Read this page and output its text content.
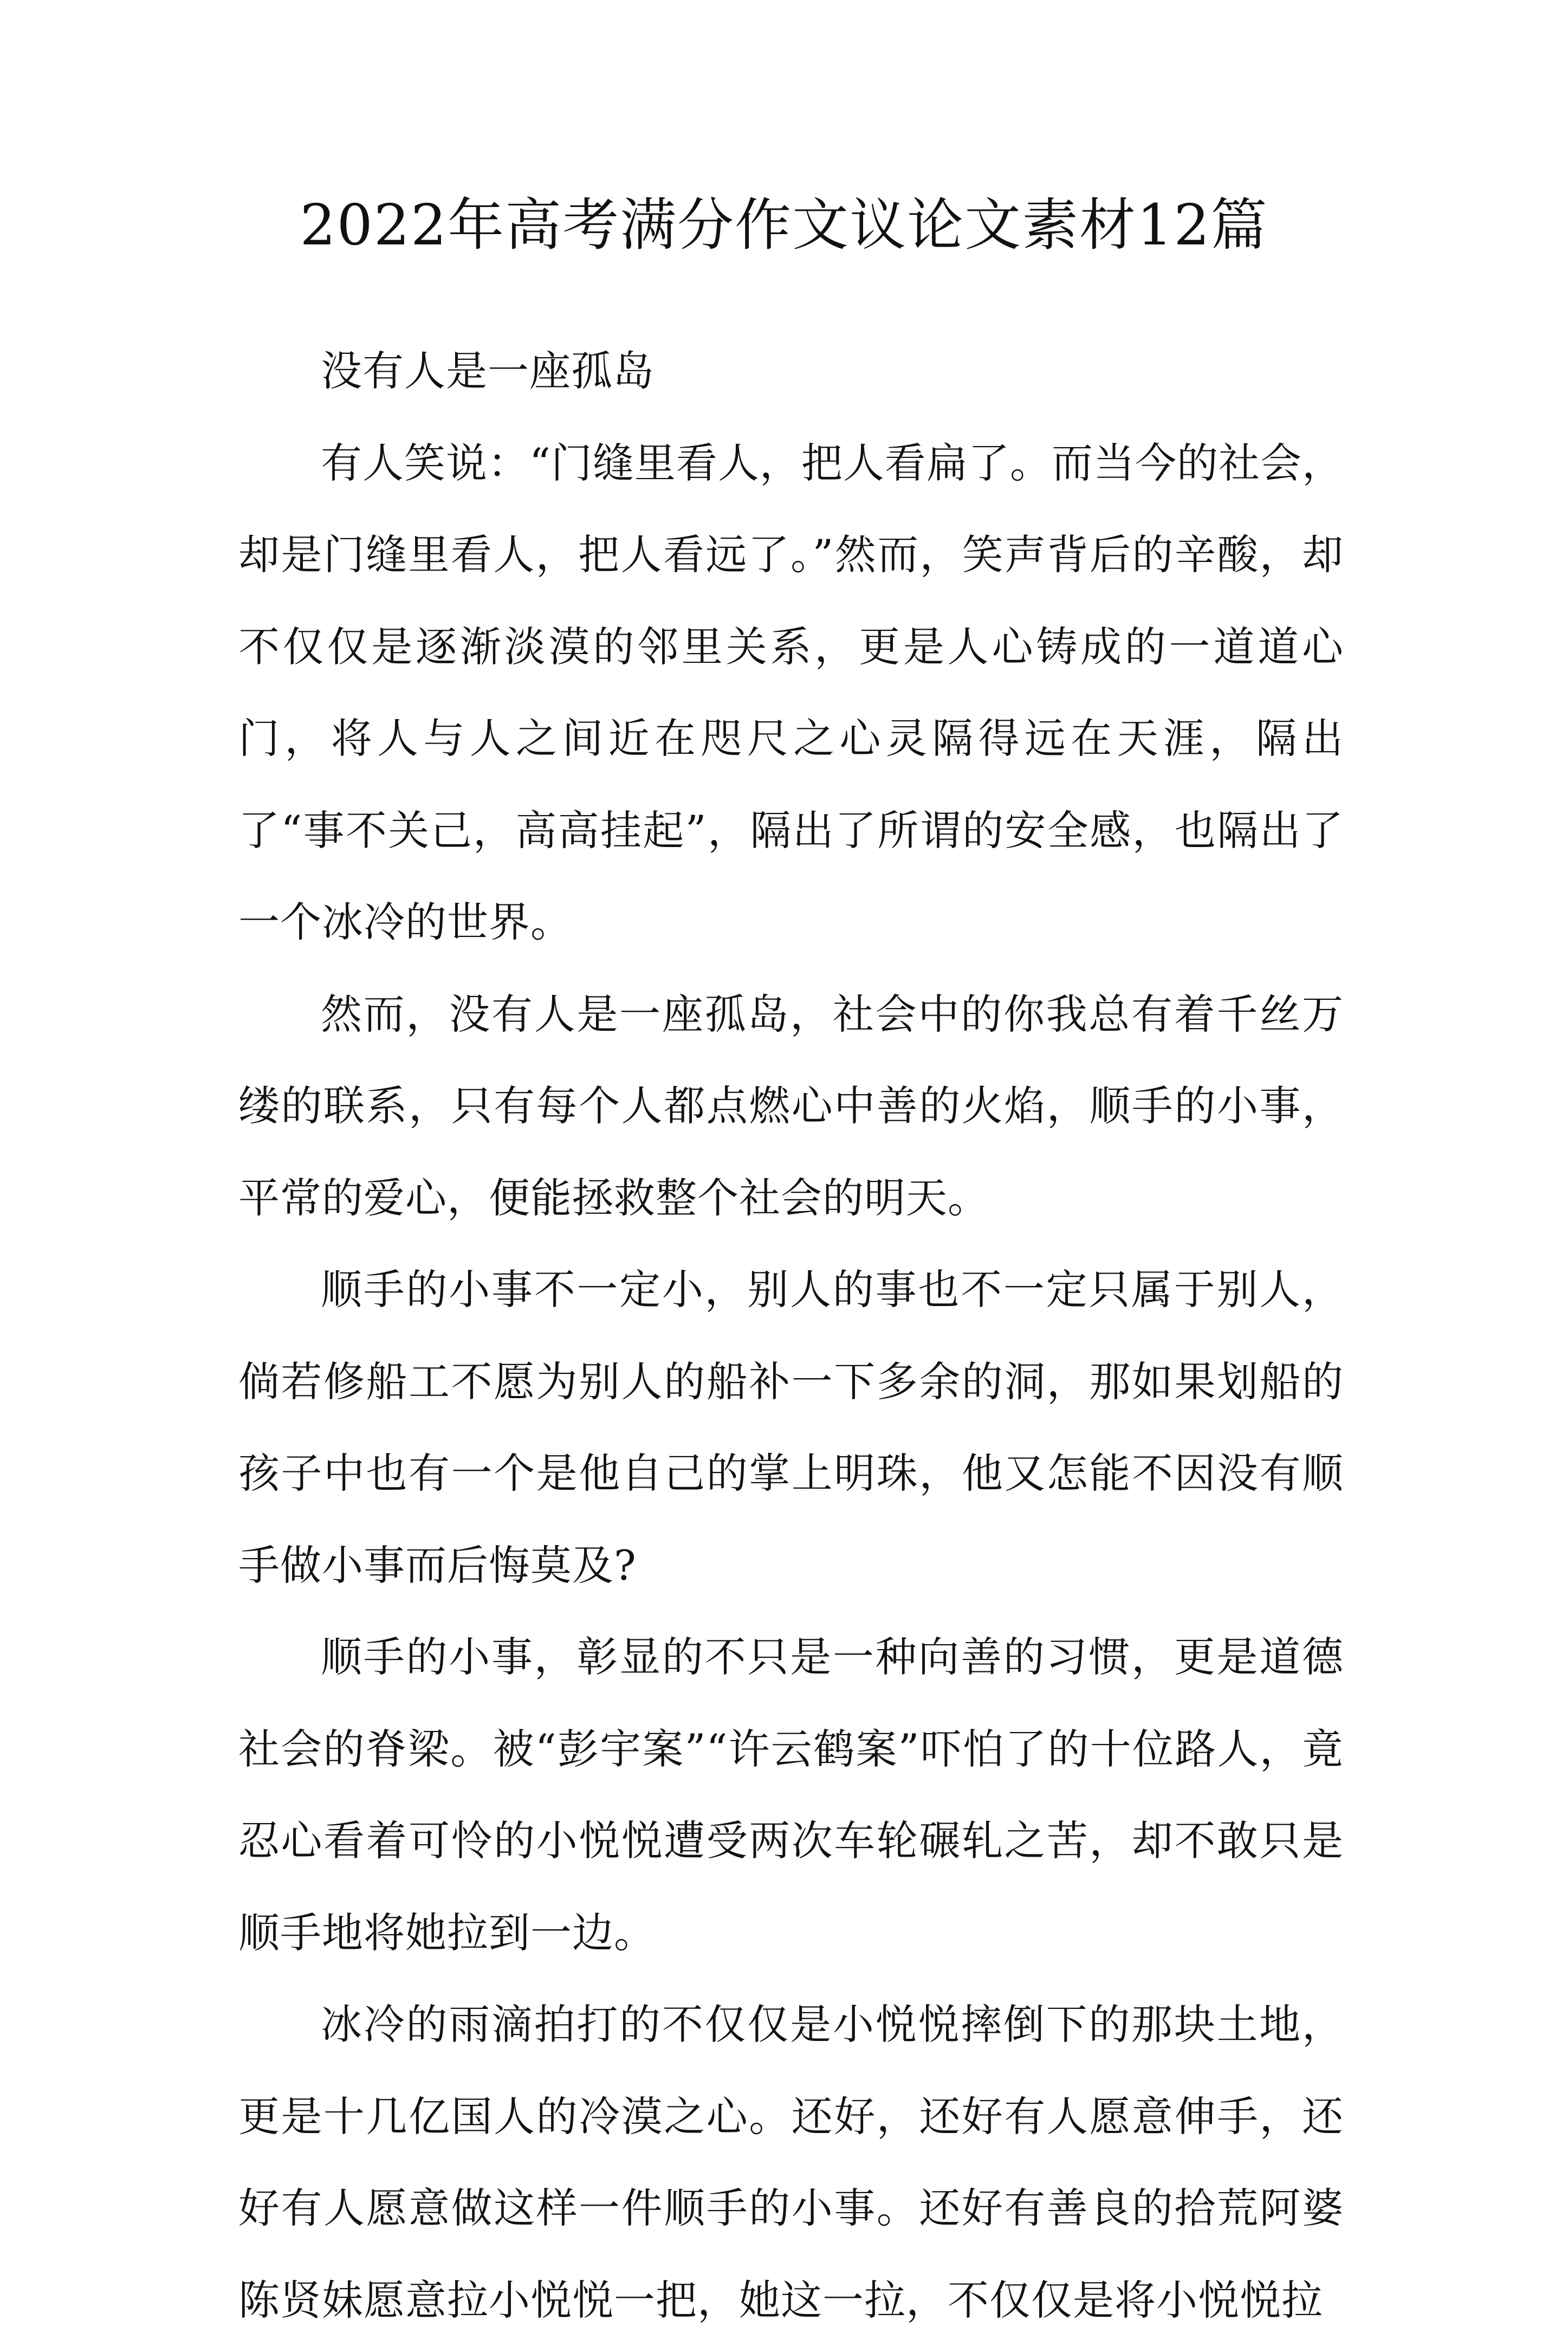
2022年高考满分作文议论文素材12篇

没有人是一座孤岛

有人笑说：“门缝里看人，把人看扁了。而当今的社会，却是门缝里看人，把人看远了。”然而，笑声背后的辛酸，却不仅仅是逐渐淡漠的邻里关系，更是人心铸成的一道道心门，将人与人之间近在咫尺之心灵隔得远在天涯，隔出了“事不关己，高高挂起”，隔出了所谓的安全感，也隔出了一个冰冷的世界。

然而，没有人是一座孤岛，社会中的你我总有着千丝万缕的联系，只有每个人都点燃心中善的火焰，顺手的小事，平常的爱心，便能拯救整个社会的明天。

顺手的小事不一定小，别人的事也不一定只属于别人，倘若修船工不愿为别人的船补一下多余的洞，那如果划船的孩子中也有一个是他自己的掌上明珠，他又怎能不因没有顺手做小事而后悔莫及?

顺手的小事，彰显的不只是一种向善的习惯，更是道德社会的脊梁。被“彭宇案”“许云鹤案”吓怕了的十位路人，竟忍心看着可怜的小悦悦遭受两次车轮碾轧之苦，却不敢只是顺手地将她拉到一边。

冰冷的雨滴拍打的不仅仅是小悦悦摔倒下的那块土地，更是十几亿国人的冷漠之心。还好，还好有人愿意伸手，还好有人愿意做这样一件顺手的小事。还好有善良的拾荒阿婆陈贤妹愿意拉小悦悦一把，她这一拉，不仅仅是将小悦悦拉
